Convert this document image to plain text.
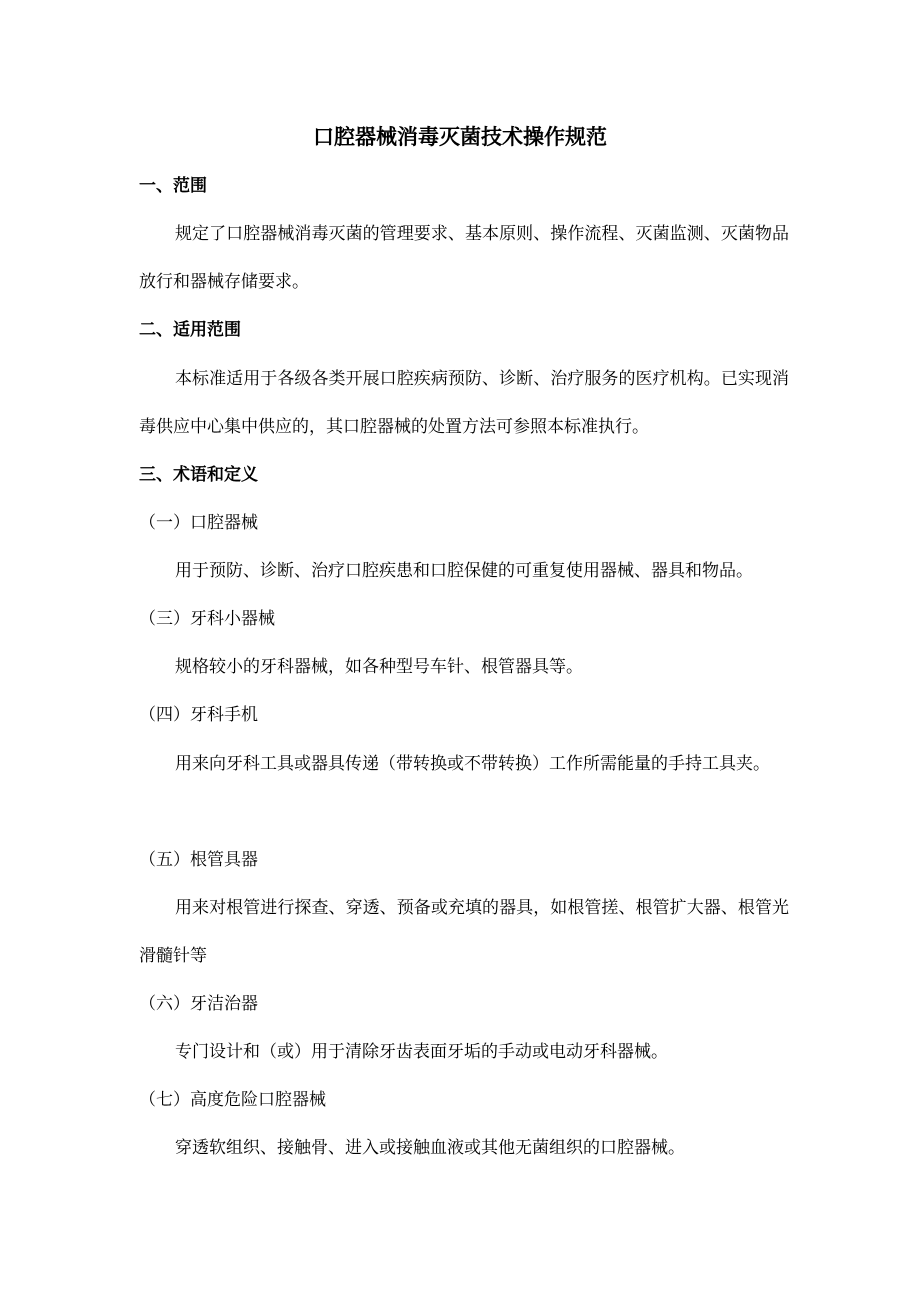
口腔器械消毒灭菌技术操作规范
一、范围
规定了口腔器械消毒灭菌的管理要求、基本原则、操作流程、灭菌监测、灭菌物品放行和器械存储要求。
二、适用范围
本标准适用于各级各类开展口腔疾病预防、诊断、治疗服务的医疗机构。已实现消毒供应中心集中供应的，其口腔器械的处置方法可参照本标准执行。
三、术语和定义
（一）口腔器械
用于预防、诊断、治疗口腔疾患和口腔保健的可重复使用器械、器具和物品。
（三）牙科小器械
规格较小的牙科器械，如各种型号车针、根管器具等。
（四）牙科手机
用来向牙科工具或器具传递（带转换或不带转换）工作所需能量的手持工具夹。
（五）根管具器
用来对根管进行探查、穿透、预备或充填的器具，如根管搓、根管扩大器、根管光滑髓针等
（六）牙洁治器
专门设计和（或）用于清除牙齿表面牙垢的手动或电动牙科器械。
（七）高度危险口腔器械
穿透软组织、接触骨、进入或接触血液或其他无菌组织的口腔器械。
